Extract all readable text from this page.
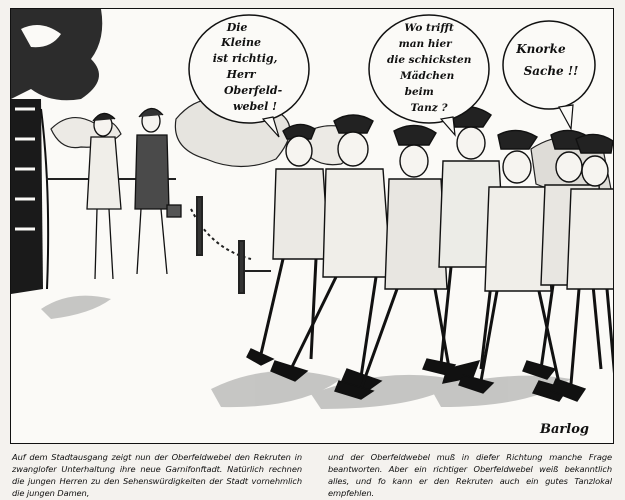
Die Kleine ist richtig, Herr Oberfeld- webel !
Wo trifft man hier die schicksten Mädchen beim Tanz ?
Knorke Sache !!
Barlog
Auf dem Stadtausgang zeigt nun der Oberfeldwebel den Rekruten in zwanglofer Unterhaltung ihre neue Garnifonftadt. Natürlich rechnen die jungen Herren zu den Sehenswürdigkeiten der Stadt vornehmlich die jungen Damen,
und der Oberfeldwebel muß in diefer Richtung manche Frage beantworten. Aber ein richtiger Oberfeldwebel weiß bekanntlich alles, und fo kann er den Rekruten auch ein gutes Tanzlokal empfehlen.
